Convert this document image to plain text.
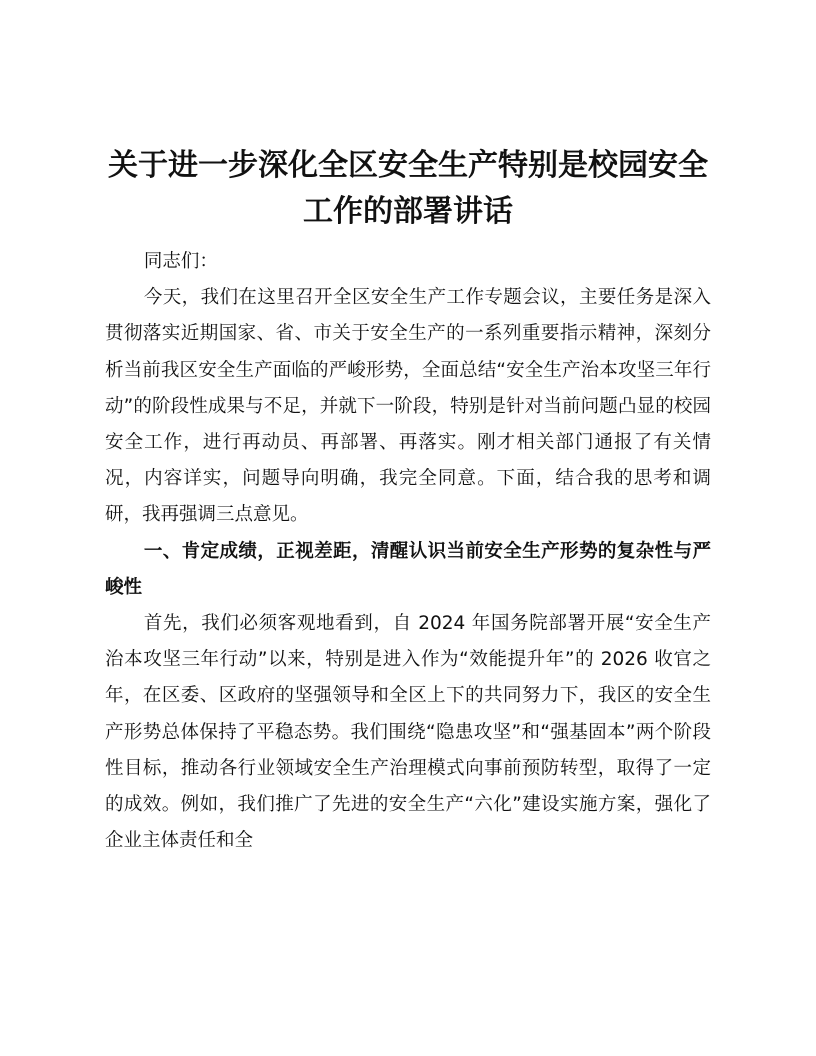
关于进一步深化全区安全生产特别是校园安全工作的部署讲话

同志们：

今天，我们在这里召开全区安全生产工作专题会议，主要任务是深入贯彻落实近期国家、省、市关于安全生产的一系列重要指示精神，深刻分析当前我区安全生产面临的严峻形势，全面总结“安全生产治本攻坚三年行动”的阶段性成果与不足，并就下一阶段，特别是针对当前问题凸显的校园安全工作，进行再动员、再部署、再落实。刚才相关部门通报了有关情况，内容详实，问题导向明确，我完全同意。下面，结合我的思考和调研，我再强调三点意见。

一、肯定成绩，正视差距，清醒认识当前安全生产形势的复杂性与严峻性

首先，我们必须客观地看到，自 2024 年国务院部署开展“安全生产治本攻坚三年行动”以来，特别是进入作为“效能提升年”的 2026 收官之年，在区委、区政府的坚强领导和全区上下的共同努力下，我区的安全生产形势总体保持了平稳态势。我们围绕“隐患攻坚”和“强基固本”两个阶段性目标，推动各行业领域安全生产治理模式向事前预防转型，取得了一定的成效。例如，我们推广了先进的安全生产“六化”建设实施方案，强化了企业主体责任和全
